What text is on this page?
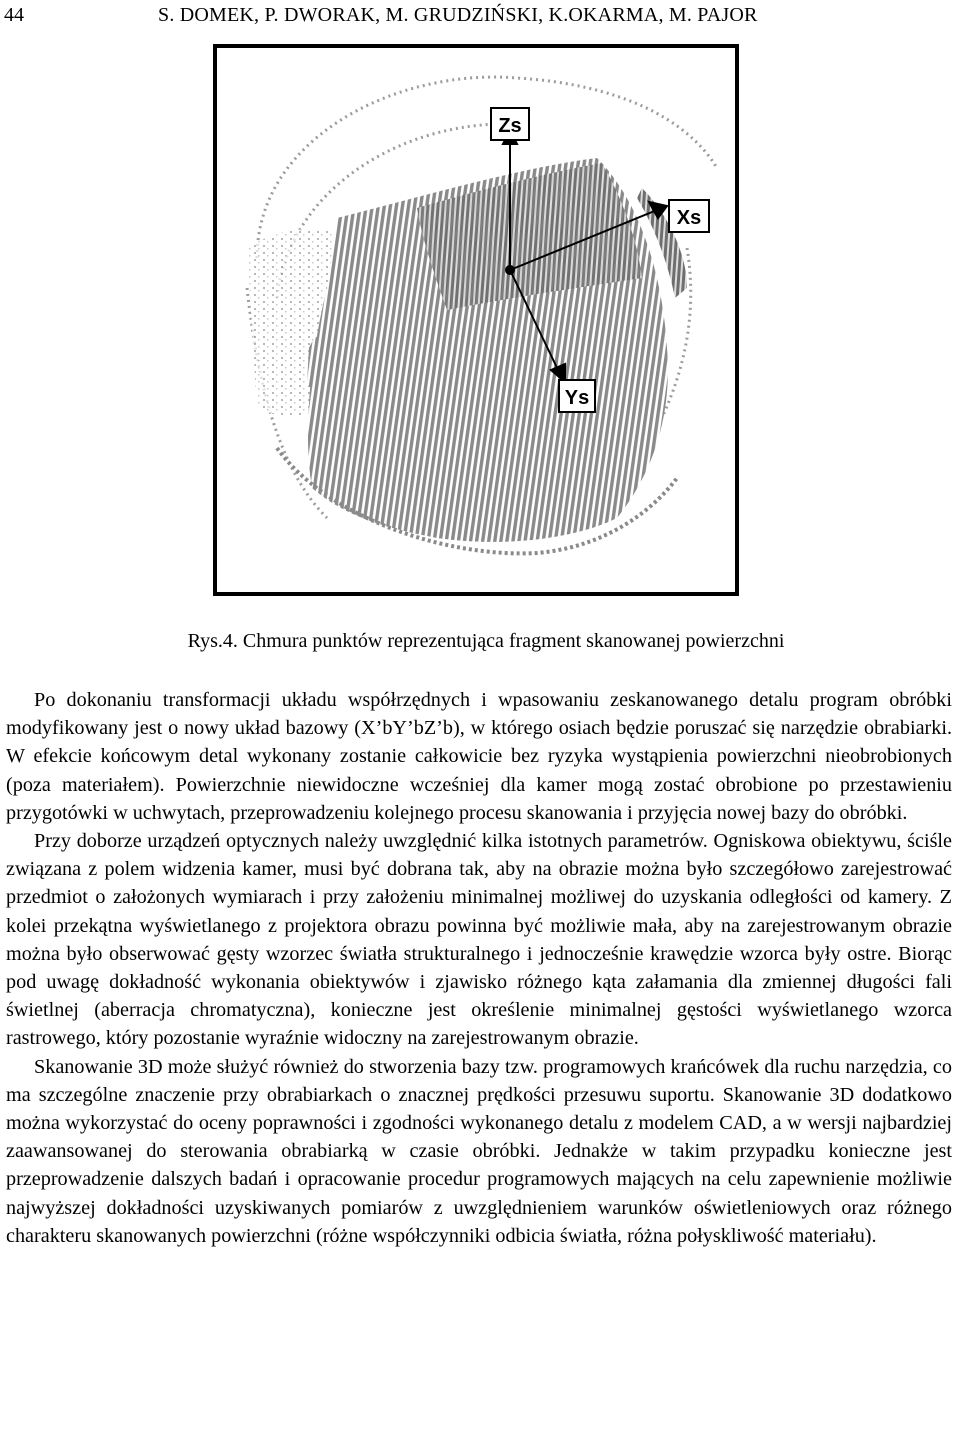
44	S. DOMEK, P. DWORAK, M. GRUDZIŃSKI, K.OKARMA, M. PAJOR
Zs
Xs
Ys
Rys.4. Chmura punktów reprezentująca fragment skanowanej powierzchni

Po dokonaniu transformacji układu współrzędnych i wpasowaniu zeskanowanego detalu program obróbki modyfikowany jest o nowy układ bazowy (X’bY’bZ’b), w którego osiach będzie poruszać się narzędzie obrabiarki. W efekcie końcowym detal wykonany zostanie całkowicie bez ryzyka wystąpienia powierzchni nieobrobionych (poza materiałem). Powierzchnie niewidoczne wcześniej dla kamer mogą zostać obrobione po przestawieniu przygotówki w uchwytach, przeprowadzeniu kolejnego procesu skanowania i przyjęcia nowej bazy do obróbki.

Przy doborze urządzeń optycznych należy uwzględnić kilka istotnych parametrów. Ogniskowa obiektywu, ściśle związana z polem widzenia kamer, musi być dobrana tak, aby na obrazie można było szczegółowo zarejestrować przedmiot o założonych wymiarach i przy założeniu minimalnej możliwej do uzyskania odległości od kamery. Z kolei przekątna wyświetlanego z projektora obrazu powinna być możliwie mała, aby na zarejestrowanym obrazie można było obserwować gęsty wzorzec światła strukturalnego i jednocześnie krawędzie wzorca były ostre. Biorąc pod uwagę dokładność wykonania obiektywów i zjawisko różnego kąta załamania dla zmiennej długości fali świetlnej (aberracja chromatyczna), konieczne jest określenie minimalnej gęstości wyświetlanego wzorca rastrowego, który pozostanie wyraźnie widoczny na zarejestrowanym obrazie.

Skanowanie 3D może służyć również do stworzenia bazy tzw. programowych krańcówek dla ruchu narzędzia, co ma szczególne znaczenie przy obrabiarkach o znacznej prędkości przesuwu suportu. Skanowanie 3D dodatkowo można wykorzystać do oceny poprawności i zgodności wykonanego detalu z modelem CAD, a w wersji najbardziej zaawansowanej do sterowania obrabiarką w czasie obróbki. Jednakże w takim przypadku konieczne jest przeprowadzenie dalszych badań i opracowanie procedur programowych mających na celu zapewnienie możliwie najwyższej dokładności uzyskiwanych pomiarów z uwzględnieniem warunków oświetleniowych oraz różnego charakteru skanowanych powierzchni (różne współczynniki odbicia światła, różna połyskliwość materiału).
